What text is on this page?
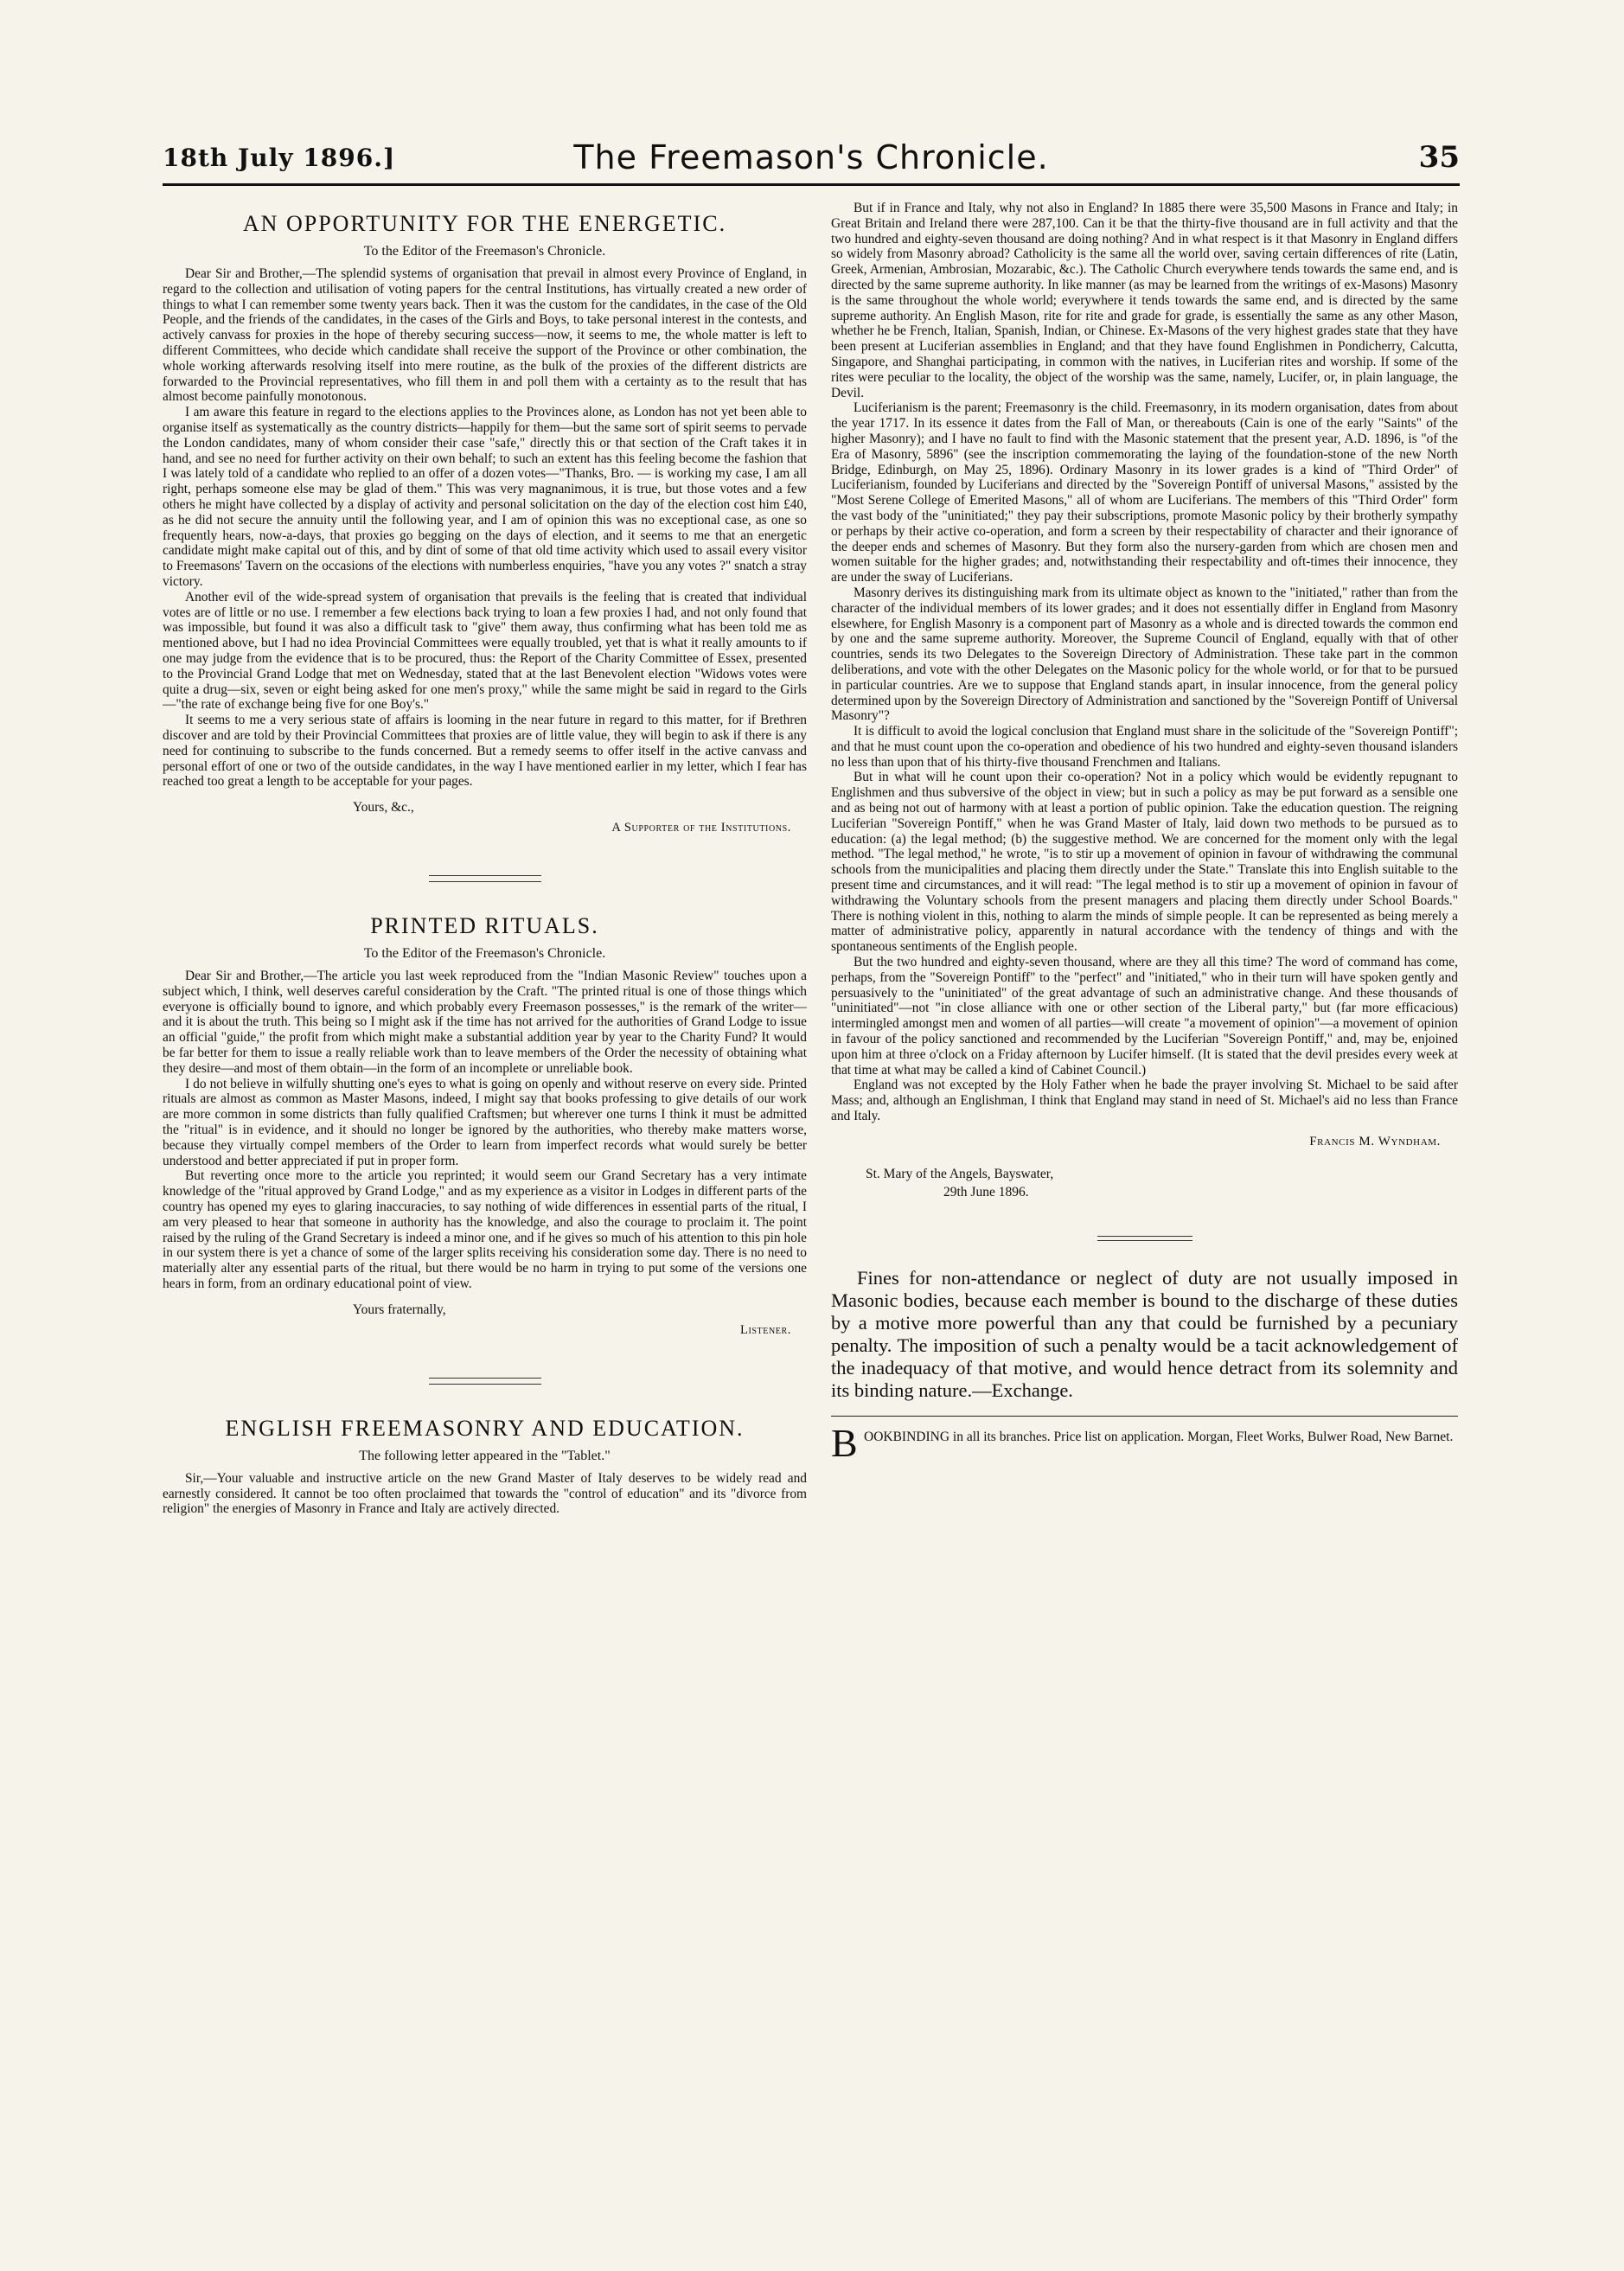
18th July 1896.]	The Freemason's Chronicle.	35
AN OPPORTUNITY FOR THE ENERGETIC.
To the Editor of the Freemason's Chronicle.

Dear Sir and Brother,—The splendid systems of organisation that prevail in almost every Province of England, in regard to the collection and utilisation of voting papers for the central Institutions, has virtually created a new order of things to what I can remember some twenty years back. Then it was the custom for the candidates, in the case of the Old People, and the friends of the candidates, in the cases of the Girls and Boys, to take personal interest in the contests, and actively canvass for proxies in the hope of thereby securing success—now, it seems to me, the whole matter is left to different Committees, who decide which candidate shall receive the support of the Province or other combination, the whole working afterwards resolving itself into mere routine, as the bulk of the proxies of the different districts are forwarded to the Provincial representatives, who fill them in and poll them with a certainty as to the result that has almost become painfully monotonous.

I am aware this feature in regard to the elections applies to the Provinces alone, as London has not yet been able to organise itself as systematically as the country districts—happily for them—but the same sort of spirit seems to pervade the London candidates, many of whom consider their case "safe," directly this or that section of the Craft takes it in hand, and see no need for further activity on their own behalf; to such an extent has this feeling become the fashion that I was lately told of a candidate who replied to an offer of a dozen votes—"Thanks, Bro. — is working my case, I am all right, perhaps someone else may be glad of them." This was very magnanimous, it is true, but those votes and a few others he might have collected by a display of activity and personal solicitation on the day of the election cost him £40, as he did not secure the annuity until the following year, and I am of opinion this was no exceptional case, as one so frequently hears, now-a-days, that proxies go begging on the days of election, and it seems to me that an energetic candidate might make capital out of this, and by dint of some of that old time activity which used to assail every visitor to Freemasons' Tavern on the occasions of the elections with numberless enquiries, "have you any votes ?" snatch a stray victory.

Another evil of the wide-spread system of organisation that prevails is the feeling that is created that individual votes are of little or no use. I remember a few elections back trying to loan a few proxies I had, and not only found that was impossible, but found it was also a difficult task to "give" them away, thus confirming what has been told me as mentioned above, but I had no idea Provincial Committees were equally troubled, yet that is what it really amounts to if one may judge from the evidence that is to be procured, thus: the Report of the Charity Committee of Essex, presented to the Provincial Grand Lodge that met on Wednesday, stated that at the last Benevolent election "Widows votes were quite a drug—six, seven or eight being asked for one men's proxy," while the same might be said in regard to the Girls—"the rate of exchange being five for one Boy's."

It seems to me a very serious state of affairs is looming in the near future in regard to this matter, for if Brethren discover and are told by their Provincial Committees that proxies are of little value, they will begin to ask if there is any need for continuing to subscribe to the funds concerned. But a remedy seems to offer itself in the active canvass and personal effort of one or two of the outside candidates, in the way I have mentioned earlier in my letter, which I fear has reached too great a length to be acceptable for your pages.

Yours, &c.,
A Supporter of the Institutions.
PRINTED RITUALS.
To the Editor of the Freemason's Chronicle.

Dear Sir and Brother,—The article you last week reproduced from the "Indian Masonic Review" touches upon a subject which, I think, well deserves careful consideration by the Craft. "The printed ritual is one of those things which everyone is officially bound to ignore, and which probably every Freemason possesses," is the remark of the writer—and it is about the truth. This being so I might ask if the time has not arrived for the authorities of Grand Lodge to issue an official "guide," the profit from which might make a substantial addition year by year to the Charity Fund? It would be far better for them to issue a really reliable work than to leave members of the Order the necessity of obtaining what they desire—and most of them obtain—in the form of an incomplete or unreliable book.

I do not believe in wilfully shutting one's eyes to what is going on openly and without reserve on every side. Printed rituals are almost as common as Master Masons, indeed, I might say that books professing to give details of our work are more common in some districts than fully qualified Craftsmen; but wherever one turns I think it must be admitted the "ritual" is in evidence, and it should no longer be ignored by the authorities, who thereby make matters worse, because they virtually compel members of the Order to learn from imperfect records what would surely be better understood and better appreciated if put in proper form.

But reverting once more to the article you reprinted; it would seem our Grand Secretary has a very intimate knowledge of the "ritual approved by Grand Lodge," and as my experience as a visitor in Lodges in different parts of the country has opened my eyes to glaring inaccuracies, to say nothing of wide differences in essential parts of the ritual, I am very pleased to hear that someone in authority has the knowledge, and also the courage to proclaim it. The point raised by the ruling of the Grand Secretary is indeed a minor one, and if he gives so much of his attention to this pin hole in our system there is yet a chance of some of the larger splits receiving his consideration some day. There is no need to materially alter any essential parts of the ritual, but there would be no harm in trying to put some of the versions one hears in form, from an ordinary educational point of view.

Yours fraternally,
Listener.
ENGLISH FREEMASONRY AND EDUCATION.
The following letter appeared in the "Tablet."

Sir,—Your valuable and instructive article on the new Grand Master of Italy deserves to be widely read and earnestly considered. It cannot be too often proclaimed that towards the "control of education" and its "divorce from religion" the energies of Masonry in France and Italy are actively directed.

But if in France and Italy, why not also in England? In 1885 there were 35,500 Masons in France and Italy; in Great Britain and Ireland there were 287,100. Can it be that the thirty-five thousand are in full activity and that the two hundred and eighty-seven thousand are doing nothing? And in what respect is it that Masonry in England differs so widely from Masonry abroad? Catholicity is the same all the world over, saving certain differences of rite (Latin, Greek, Armenian, Ambrosian, Mozarabic, &c.). The Catholic Church everywhere tends towards the same end, and is directed by the same supreme authority. In like manner (as may be learned from the writings of ex-Masons) Masonry is the same throughout the whole world; everywhere it tends towards the same end, and is directed by the same supreme authority. An English Mason, rite for rite and grade for grade, is essentially the same as any other Mason, whether he be French, Italian, Spanish, Indian, or Chinese. Ex-Masons of the very highest grades state that they have been present at Luciferian assemblies in England; and that they have found Englishmen in Pondicherry, Calcutta, Singapore, and Shanghai participating, in common with the natives, in Luciferian rites and worship. If some of the rites were peculiar to the locality, the object of the worship was the same, namely, Lucifer, or, in plain language, the Devil.

Luciferianism is the parent; Freemasonry is the child. Freemasonry, in its modern organisation, dates from about the year 1717. In its essence it dates from the Fall of Man, or thereabouts (Cain is one of the early "Saints" of the higher Masonry); and I have no fault to find with the Masonic statement that the present year, A.D. 1896, is "of the Era of Masonry, 5896" (see the inscription commemorating the laying of the foundation-stone of the new North Bridge, Edinburgh, on May 25, 1896). Ordinary Masonry in its lower grades is a kind of "Third Order" of Luciferianism, founded by Luciferians and directed by the "Sovereign Pontiff of universal Masons," assisted by the "Most Serene College of Emerited Masons," all of whom are Luciferians. The members of this "Third Order" form the vast body of the "uninitiated;" they pay their subscriptions, promote Masonic policy by their brotherly sympathy or perhaps by their active co-operation, and form a screen by their respectability of character and their ignorance of the deeper ends and schemes of Masonry. But they form also the nursery-garden from which are chosen men and women suitable for the higher grades; and, notwithstanding their respectability and oft-times their innocence, they are under the sway of Luciferians.

Masonry derives its distinguishing mark from its ultimate object as known to the "initiated," rather than from the character of the individual members of its lower grades; and it does not essentially differ in England from Masonry elsewhere, for English Masonry is a component part of Masonry as a whole and is directed towards the common end by one and the same supreme authority. Moreover, the Supreme Council of England, equally with that of other countries, sends its two Delegates to the Sovereign Directory of Administration. These take part in the common deliberations, and vote with the other Delegates on the Masonic policy for the whole world, or for that to be pursued in particular countries. Are we to suppose that England stands apart, in insular innocence, from the general policy determined upon by the Sovereign Directory of Administration and sanctioned by the "Sovereign Pontiff of Universal Masonry"?

It is difficult to avoid the logical conclusion that England must share in the solicitude of the "Sovereign Pontiff"; and that he must count upon the co-operation and obedience of his two hundred and eighty-seven thousand islanders no less than upon that of his thirty-five thousand Frenchmen and Italians.

But in what will he count upon their co-operation? Not in a policy which would be evidently repugnant to Englishmen and thus subversive of the object in view; but in such a policy as may be put forward as a sensible one and as being not out of harmony with at least a portion of public opinion. Take the education question. The reigning Luciferian "Sovereign Pontiff," when he was Grand Master of Italy, laid down two methods to be pursued as to education: (a) the legal method; (b) the suggestive method. We are concerned for the moment only with the legal method. "The legal method," he wrote, "is to stir up a movement of opinion in favour of withdrawing the communal schools from the municipalities and placing them directly under the State." Translate this into English suitable to the present time and circumstances, and it will read: "The legal method is to stir up a movement of opinion in favour of withdrawing the Voluntary schools from the present managers and placing them directly under School Boards." There is nothing violent in this, nothing to alarm the minds of simple people. It can be represented as being merely a matter of administrative policy, apparently in natural accordance with the tendency of things and with the spontaneous sentiments of the English people.

But the two hundred and eighty-seven thousand, where are they all this time? The word of command has come, perhaps, from the "Sovereign Pontiff" to the "perfect" and "initiated," who in their turn will have spoken gently and persuasively to the "uninitiated" of the great advantage of such an administrative change. And these thousands of "uninitiated"—not "in close alliance with one or other section of the Liberal party," but (far more efficacious) intermingled amongst men and women of all parties—will create "a movement of opinion"—a movement of opinion in favour of the policy sanctioned and recommended by the Luciferian "Sovereign Pontiff," and, may be, enjoined upon him at three o'clock on a Friday afternoon by Lucifer himself. (It is stated that the devil presides every week at that time at what may be called a kind of Cabinet Council.)

England was not excepted by the Holy Father when he bade the prayer involving St. Michael to be said after Mass; and, although an Englishman, I think that England may stand in need of St. Michael's aid no less than France and Italy.

Francis M. Wyndham.
St. Mary of the Angels, Bayswater,
29th June 1896.

Fines for non-attendance or neglect of duty are not usually imposed in Masonic bodies, because each member is bound to the discharge of these duties by a motive more powerful than any that could be furnished by a pecuniary penalty. The imposition of such a penalty would be a tacit acknowledgement of the inadequacy of that motive, and would hence detract from its solemnity and its binding nature.—Exchange.

B OOKBINDING in all its branches. Price list on application. Morgan, Fleet Works, Bulwer Road, New Barnet.
